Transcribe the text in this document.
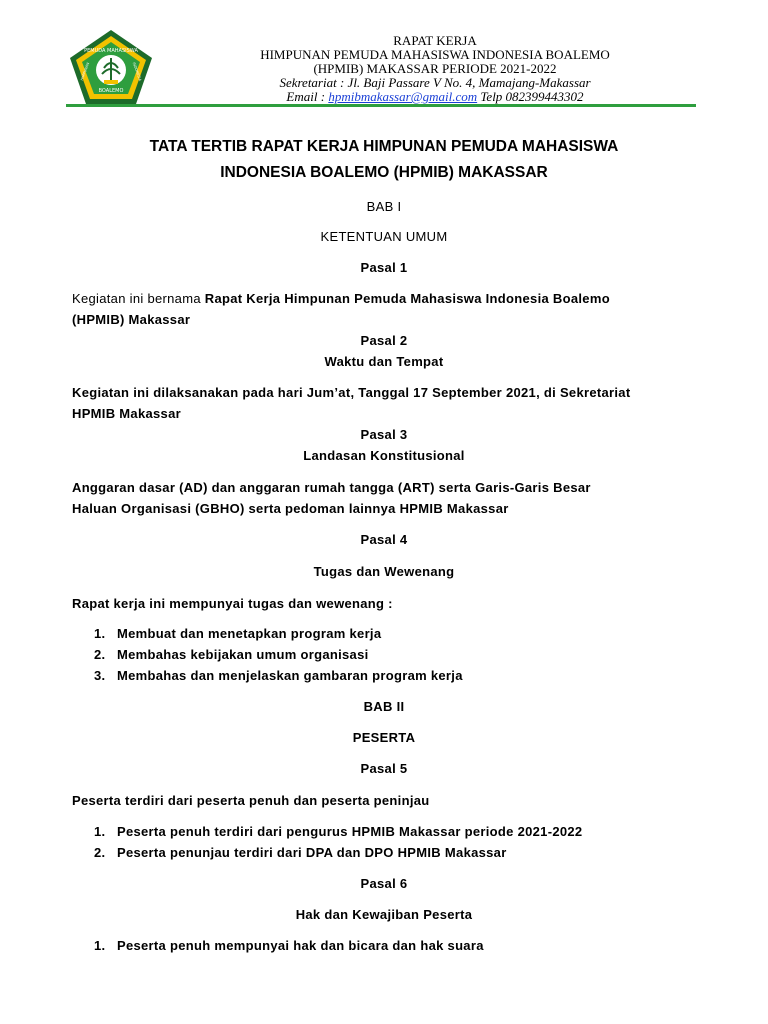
PEMUDA MAHASISWA
BOALEMO
HIMPUNAN	INDONESIA
RAPAT KERJA
HIMPUNAN PEMUDA MAHASISWA INDONESIA BOALEMO
(HPMIB) MAKASSAR PERIODE 2021-2022
Sekretariat : Jl. Baji Passare V No. 4, Mamajang-Makassar
Email : hpmibmakassar@gmail.com Telp 082399443302
TATA TERTIB RAPAT KERJA HIMPUNAN PEMUDA MAHASISWA
INDONESIA BOALEMO (HPMIB) MAKASSAR
BAB I
KETENTUAN UMUM
Pasal 1
Kegiatan ini bernama Rapat Kerja Himpunan Pemuda Mahasiswa Indonesia Boalemo
(HPMIB) Makassar
Pasal 2
Waktu dan Tempat
Kegiatan ini dilaksanakan pada hari Jum’at, Tanggal 17 September 2021, di Sekretariat
HPMIB Makassar
Pasal 3
Landasan Konstitusional
Anggaran dasar (AD) dan anggaran rumah tangga (ART) serta Garis-Garis Besar
Haluan Organisasi (GBHO) serta pedoman lainnya HPMIB Makassar
Pasal 4
Tugas dan Wewenang
Rapat kerja ini mempunyai tugas dan wewenang :
1. Membuat dan menetapkan program kerja
2. Membahas kebijakan umum organisasi
3. Membahas dan menjelaskan gambaran program kerja
BAB II
PESERTA
Pasal 5
Peserta terdiri dari peserta penuh dan peserta peninjau
1. Peserta penuh terdiri dari pengurus HPMIB Makassar periode 2021-2022
2. Peserta penunjau terdiri dari DPA dan DPO HPMIB Makassar
Pasal 6
Hak dan Kewajiban Peserta
1. Peserta penuh mempunyai hak dan bicara dan hak suara
